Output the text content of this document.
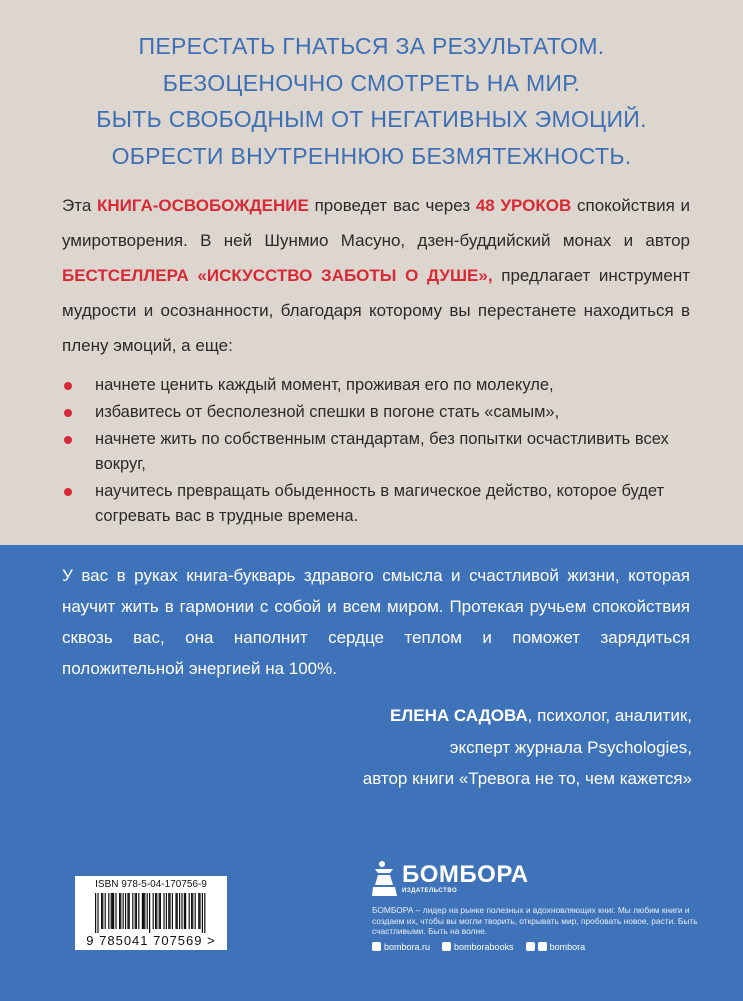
ПЕРЕСТАТЬ ГНАТЬСЯ ЗА РЕЗУЛЬТАТОМ.
БЕЗОЦЕНОЧНО СМОТРЕТЬ НА МИР.
БЫТЬ СВОБОДНЫМ ОТ НЕГАТИВНЫХ ЭМОЦИЙ.
ОБРЕСТИ ВНУТРЕННЮЮ БЕЗМЯТЕЖНОСТЬ.

Эта КНИГА-ОСВОБОЖДЕНИЕ проведет вас через 48 УРОКОВ спокойствия и умиротворения. В ней Шунмио Масуно, дзен-буддийский монах и автор БЕСТСЕЛЛЕРА «ИСКУССТВО ЗАБОТЫ О ДУШЕ», предлагает инструмент мудрости и осознанности, благодаря которому вы перестанете находиться в плену эмоций, а еще:

начнете ценить каждый момент, проживая его по молекуле,
избавитесь от бесполезной спешки в погоне стать «самым»,
начнете жить по собственным стандартам, без попытки осчастливить всех вокруг,
научитесь превращать обыденность в магическое действо, которое будет согревать вас в трудные времена.

У вас в руках книга-букварь здравого смысла и счастливой жизни, которая научит жить в гармонии с собой и всем миром. Протекая ручьем спокойствия сквозь вас, она наполнит сердце теплом и поможет зарядиться положительной энергией на 100%.

ЕЛЕНА САДОВА, психолог, аналитик,
эксперт журнала Psychologies,
автор книги «Тревога не то, чем кажется»
ISBN 978-5-04-170756-9
9 785041 707569 >
БОМБОРА
ИЗДАТЕЛЬСТВО
БОМБОРА – лидер на рынке полезных и вдохновляющих книг. Мы любим книги и создаем их, чтобы вы могли творить, открывать мир, пробовать новое, расти. Быть счастливыми. Быть на волне.
bombora.ru	bomborabooks	bombora
